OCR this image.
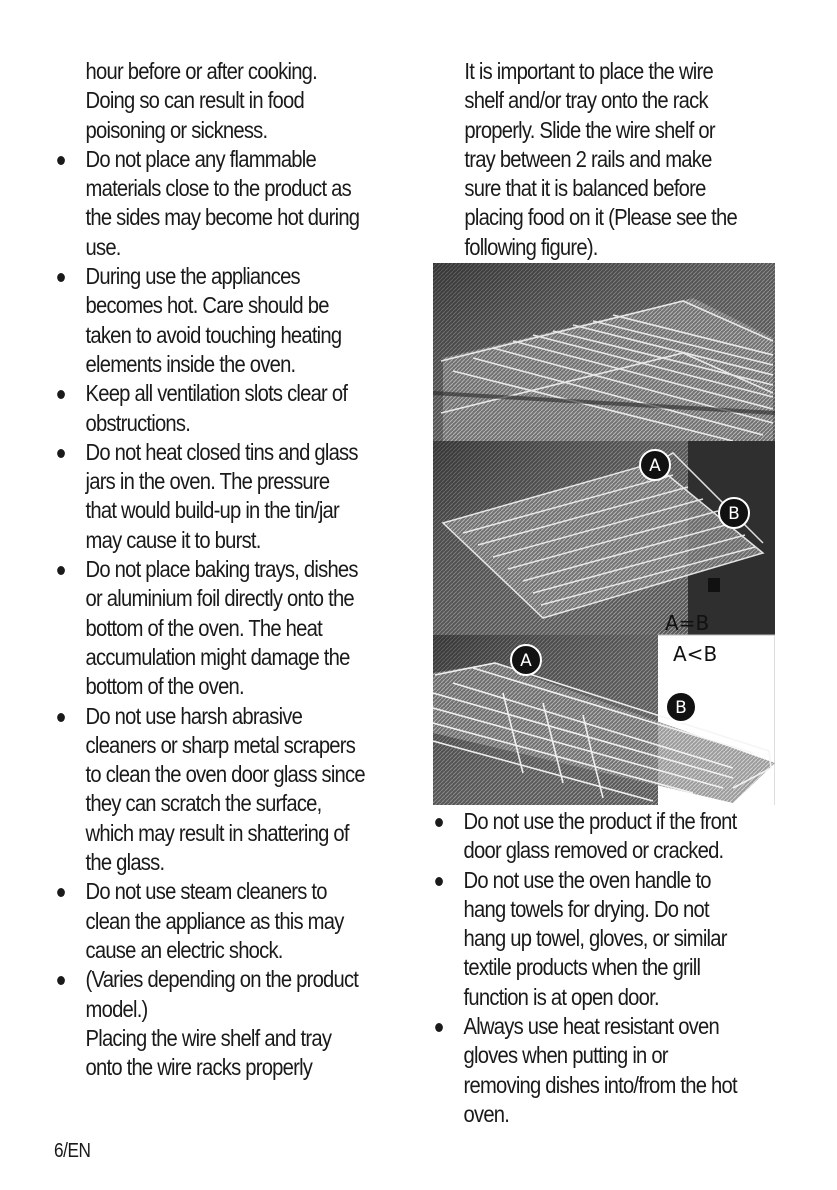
hour before or after cooking.
Doing so can result in food
poisoning or sickness.
Do not place any flammable
materials close to the product as
the sides may become hot during
use.
During use the appliances
becomes hot. Care should be
taken to avoid touching heating
elements inside the oven.
Keep all ventilation slots clear of
obstructions.
Do not heat closed tins and glass
jars in the oven. The pressure
that would build-up in the tin/jar
may cause it to burst.
Do not place baking trays, dishes
or aluminium foil directly onto the
bottom of the oven. The heat
accumulation might damage the
bottom of the oven.
Do not use harsh abrasive
cleaners or sharp metal scrapers
to clean the oven door glass since
they can scratch the surface,
which may result in shattering of
the glass.
Do not use steam cleaners to
clean the appliance as this may
cause an electric shock.
(Varies depending on the product
model.)
Placing the wire shelf and tray
onto the wire racks properly
It is important to place the wire
shelf and/or tray onto the rack
properly. Slide the wire shelf or
tray between 2 rails and make
sure that it is balanced before
placing food on it (Please see the
following figure).
Do not use the product if the front
door glass removed or cracked.
Do not use the oven handle to
hang towels for drying. Do not
hang up towel, gloves, or similar
textile products when the grill
function is at open door.
Always use heat resistant oven
gloves when putting in or
removing dishes into/from the hot
oven.
A
B
A=B
A<B
A
B
6/EN
